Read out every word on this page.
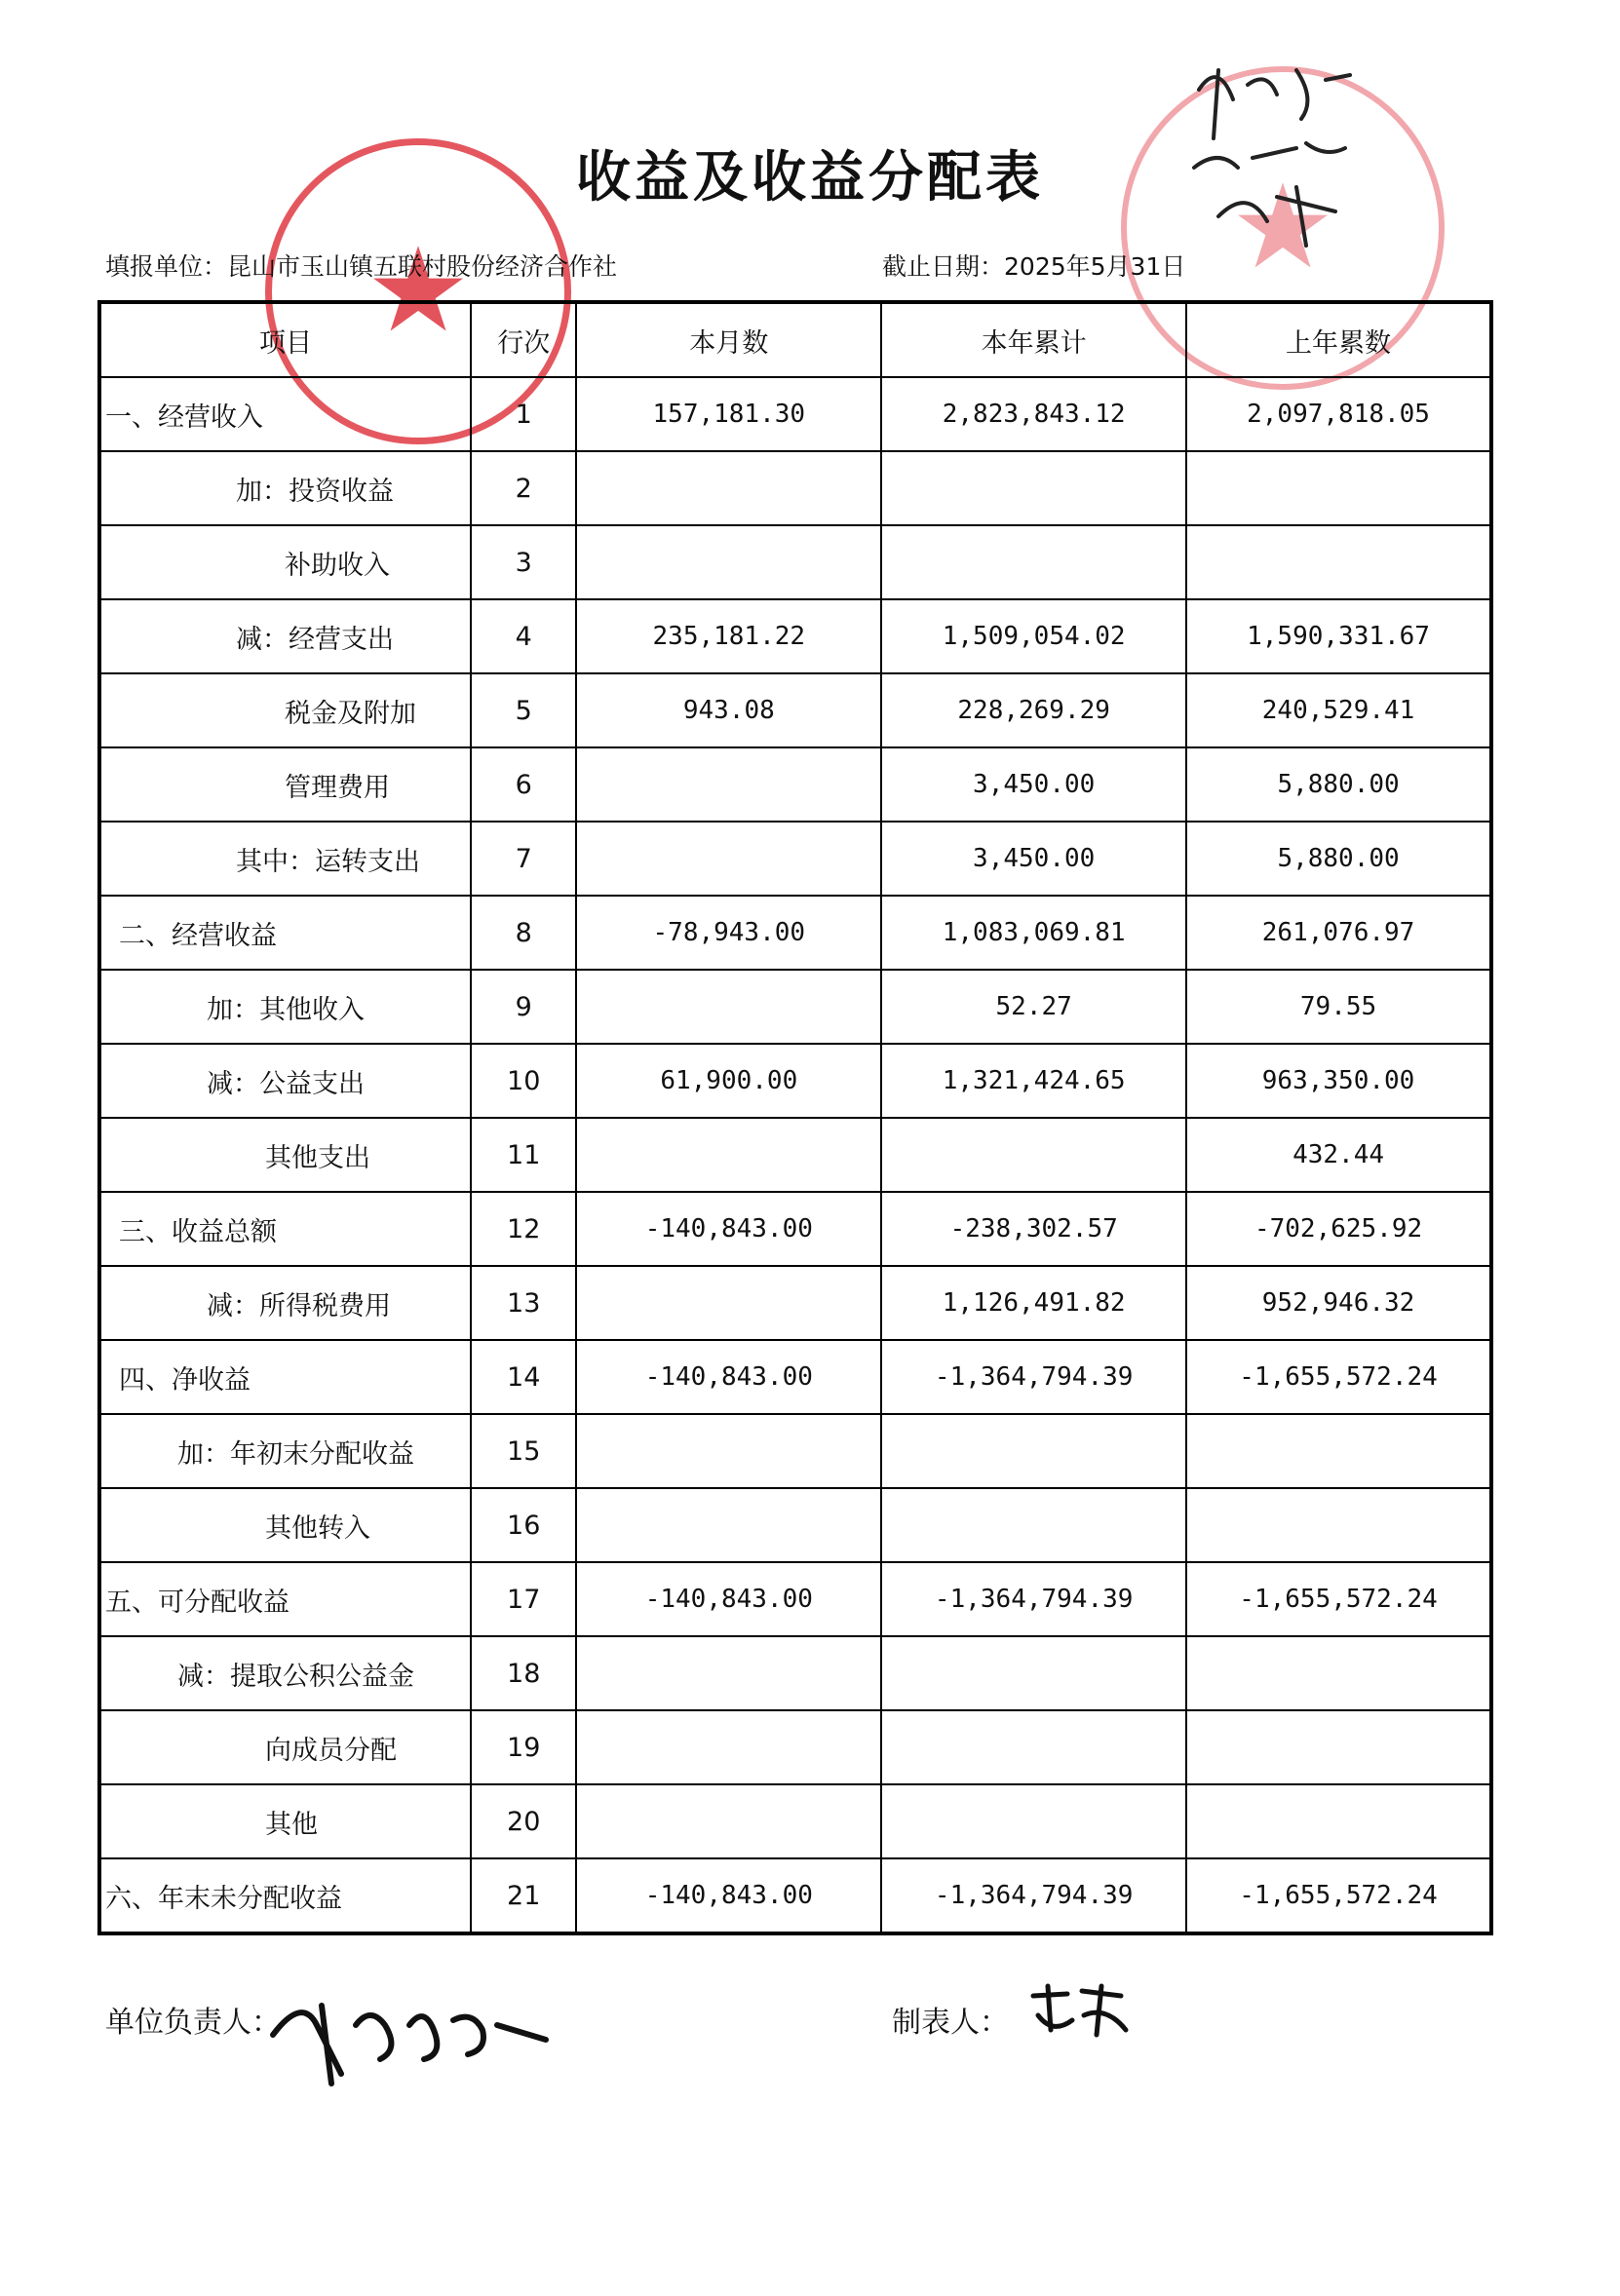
★	★
收益及收益分配表
填报单位：昆山市玉山镇五联村股份经济合作社	截止日期：2025年5月31日
项目	行次	本月数	本年累计	上年累数
一、经营收入	1	157,181.30	2,823,843.12	2,097,818.05
加：投资收益	2			
补助收入	3			
减：经营支出	4	235,181.22	1,509,054.02	1,590,331.67
税金及附加	5	943.08	228,269.29	240,529.41
管理费用	6		3,450.00	5,880.00
其中：运转支出	7		3,450.00	5,880.00
二、经营收益	8	-78,943.00	1,083,069.81	261,076.97
加：其他收入	9		52.27	79.55
减：公益支出	10	61,900.00	1,321,424.65	963,350.00
其他支出	11			432.44
三、收益总额	12	-140,843.00	-238,302.57	-702,625.92
减：所得税费用	13		1,126,491.82	952,946.32
四、净收益	14	-140,843.00	-1,364,794.39	-1,655,572.24
加：年初末分配收益	15			
其他转入	16			
五、可分配收益	17	-140,843.00	-1,364,794.39	-1,655,572.24
减：提取公积公益金	18			
向成员分配	19			
其他	20			
六、年末未分配收益	21	-140,843.00	-1,364,794.39	-1,655,572.24
单位负责人：	制表人：
